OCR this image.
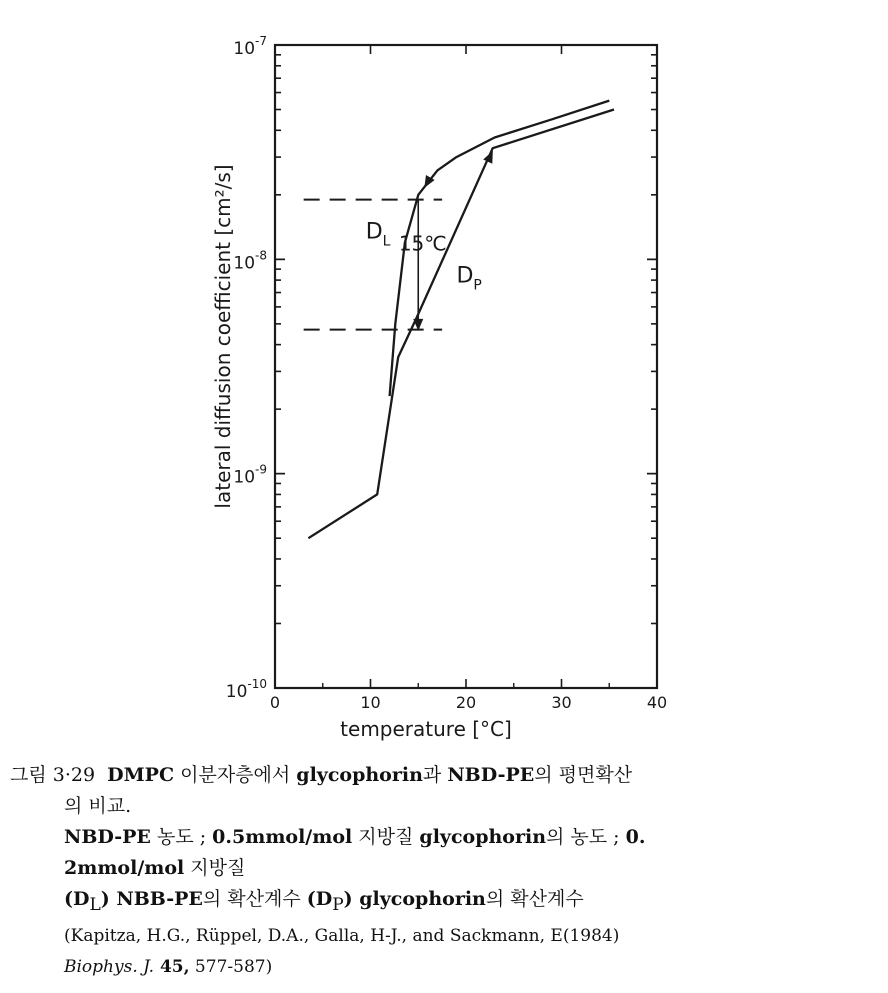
$10^{-10}$
$10^{-9}$
$10^{-8}$
$10^{-7}$
0	10	20	30	40
$D_L$
$D_P$
15℃
temperature [°C]
lateral diffusion coefficient [cm²/s]
그림 3·29 DMPC 이분자층에서 glycophorin과 NBD-PE의 평면확산
의 비교.
NBD-PE 농도 ; 0.5mmol/mol 지방질 glycophorin의 농도 ; 0.
2mmol/mol 지방질
$(D_L)$ NBB-PE의 확산계수 $(D_P)$ glycophorin의 확산계수
(Kapitza, H.G., Rüppel, D.A., Galla, H-J., and Sackmann, E(1984)
Biophys. J. 45, 577-587)
